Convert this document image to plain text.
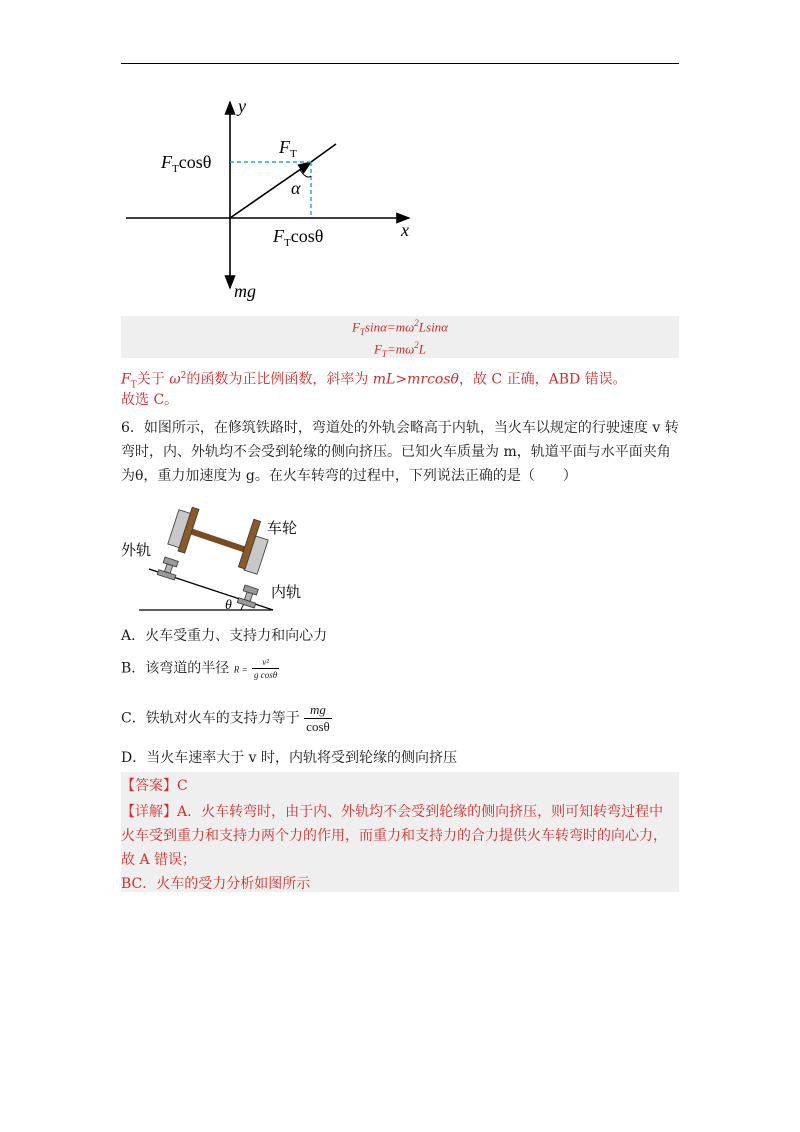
y
x
$F_T$
$F_T\cos\theta$
α
$F_T\cos\theta$
mg
$F_T\sin\alpha=m\omega^2Lsin\alpha$
$F_T=m\omega^2L$
$F_T$关于 $\omega^2$的函数为正比例函数，斜率为 mL>mrcosθ，故 C 正确，ABD 错误。
故选 C。
6．如图所示，在修筑铁路时，弯道处的外轨会略高于内轨，当火车以规定的行驶速度 v 转
弯时，内、外轨均不会受到轮缘的侧向挤压。已知火车质量为 m，轨道平面与水平面夹角
为θ，重力加速度为 g。在火车转弯的过程中，下列说法正确的是（　　）
车轮
外轨
内轨
θ
A．火车受重力、支持力和向心力
B．该弯道的半径 $R = \frac{\text{v²}}{\text{g cosθ}}$
C．铁轨对火车的支持力等于 $\frac{mg}{\cos\theta}$
D．当火车速率大于 v 时，内轨将受到轮缘的侧向挤压
【答案】C
【详解】A．火车转弯时，由于内、外轨均不会受到轮缘的侧向挤压，则可知转弯过程中
火车受到重力和支持力两个力的作用，而重力和支持力的合力提供火车转弯时的向心力，
故 A 错误；
BC．火车的受力分析如图所示
